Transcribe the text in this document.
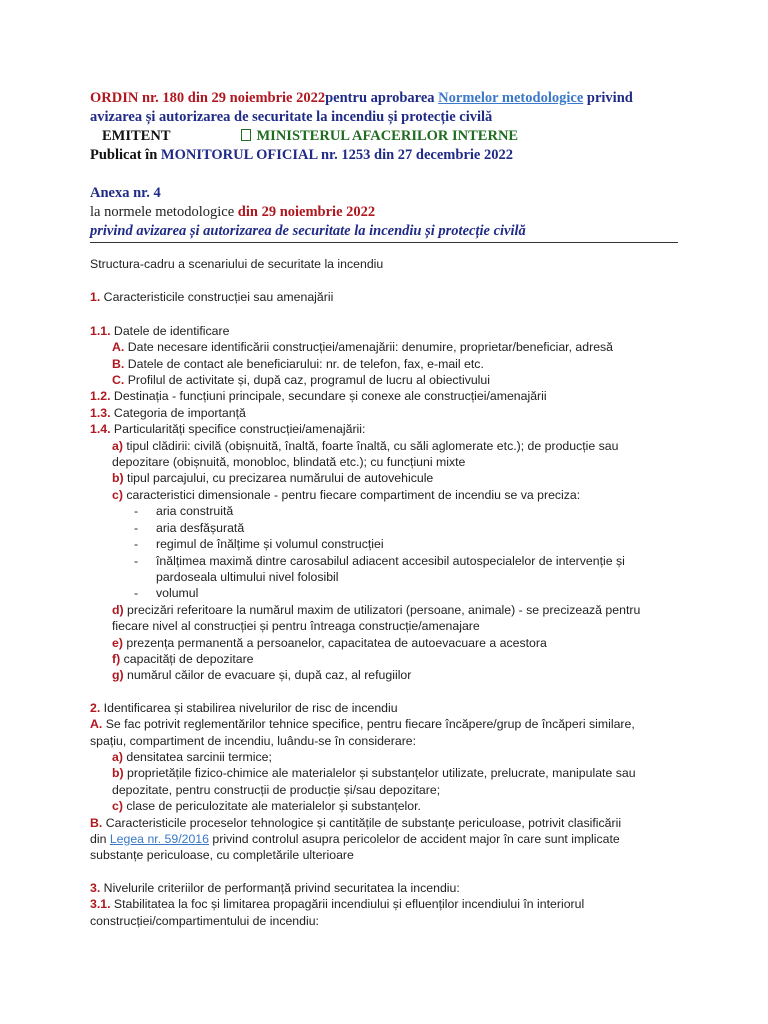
ORDIN nr. 180 din 29 noiembrie 2022pentru aprobarea Normelor metodologice privind avizarea și autorizarea de securitate la incendiu și protecție civilă
EMITENT	MINISTERUL AFACERILOR INTERNE
Publicat în MONITORUL OFICIAL nr. 1253 din 27 decembrie 2022
Anexa nr. 4
la normele metodologice din 29 noiembrie 2022
privind avizarea și autorizarea de securitate la incendiu și protecție civilă
Structura-cadru a scenariului de securitate la incendiu
1. Caracteristicile construcției sau amenajării
1.1. Datele de identificare
A. Date necesare identificării construcției/amenajării: denumire, proprietar/beneficiar, adresă
B. Datele de contact ale beneficiarului: nr. de telefon, fax, e-mail etc.
C. Profilul de activitate și, după caz, programul de lucru al obiectivului
1.2. Destinația - funcțiuni principale, secundare și conexe ale construcției/amenajării
1.3. Categoria de importanță
1.4. Particularități specifice construcției/amenajării:
a) tipul clădirii: civilă (obișnuită, înaltă, foarte înaltă, cu săli aglomerate etc.); de producție sau
depozitare (obișnuită, monobloc, blindată etc.); cu funcțiuni mixte
b) tipul parcajului, cu precizarea numărului de autovehicule
c) caracteristici dimensionale - pentru fiecare compartiment de incendiu se va preciza:
- aria construită
- aria desfășurată
- regimul de înălțime și volumul construcției
- înălțimea maximă dintre carosabilul adiacent accesibil autospecialelor de intervenție și pardoseala ultimului nivel folosibil
- volumul
d) precizări referitoare la numărul maxim de utilizatori (persoane, animale) - se precizează pentru
fiecare nivel al construcției și pentru întreaga construcție/amenajare
e) prezența permanentă a persoanelor, capacitatea de autoevacuare a acestora
f) capacități de depozitare
g) numărul căilor de evacuare și, după caz, al refugiilor
2. Identificarea și stabilirea nivelurilor de risc de incendiu
A. Se fac potrivit reglementărilor tehnice specifice, pentru fiecare încăpere/grup de încăperi similare,
spațiu, compartiment de incendiu, luându-se în considerare:
a) densitatea sarcinii termice;
b) proprietățile fizico-chimice ale materialelor și substanțelor utilizate, prelucrate, manipulate sau
depozitate, pentru construcții de producție și/sau depozitare;
c) clase de periculozitate ale materialelor și substanțelor.
B. Caracteristicile proceselor tehnologice și cantitățile de substanțe periculoase, potrivit clasificării
din Legea nr. 59/2016 privind controlul asupra pericolelor de accident major în care sunt implicate
substanțe periculoase, cu completările ulterioare
3. Nivelurile criteriilor de performanță privind securitatea la incendiu:
3.1. Stabilitatea la foc și limitarea propagării incendiului și efluenților incendiului în interiorul
construcției/compartimentului de incendiu:
